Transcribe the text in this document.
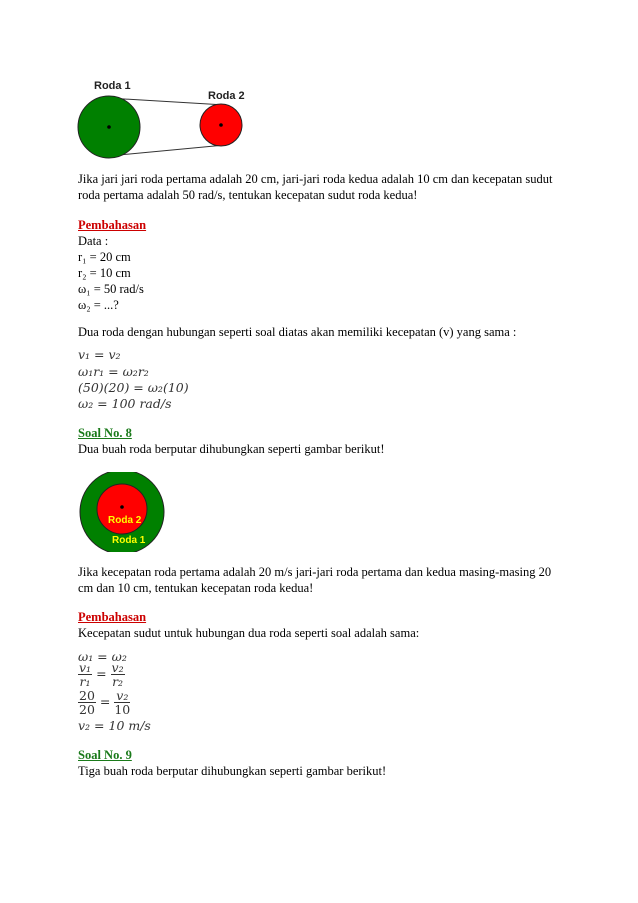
Roda 1
Roda 2
Jika jari jari roda pertama adalah 20 cm, jari-jari roda kedua adalah 10 cm dan kecepatan sudut roda pertama adalah 50 rad/s, tentukan kecepatan sudut roda kedua!
Pembahasan
Data :
r₁ = 20 cm
r₂ = 10 cm
ω₁ = 50 rad/s
ω₂ = ...?
Dua roda dengan hubungan seperti soal diatas akan memiliki kecepatan (v) yang sama :
v₁ = v₂
ω₁r₁ = ω₂r₂
(50)(20) = ω₂(10)
ω₂ = 100 rad/s
Soal No. 8
Dua buah roda berputar dihubungkan seperti gambar berikut!
Roda 2
Roda 1
Jika kecepatan roda pertama adalah 20 m/s jari-jari roda pertama dan kedua masing-masing 20 cm dan 10 cm, tentukan kecepatan roda kedua!
Pembahasan
Kecepatan sudut untuk hubungan dua roda seperti soal adalah sama:
ω₁ = ω₂
$\frac{\text{v₁}}{\text{r₁}} = \frac{\text{v₂}}{\text{r₂}}$
$\frac{20}{20} = \frac{\text{v₂}}{10}$
v₂ = 10 m/s
Soal No. 9
Tiga buah roda berputar dihubungkan seperti gambar berikut!
